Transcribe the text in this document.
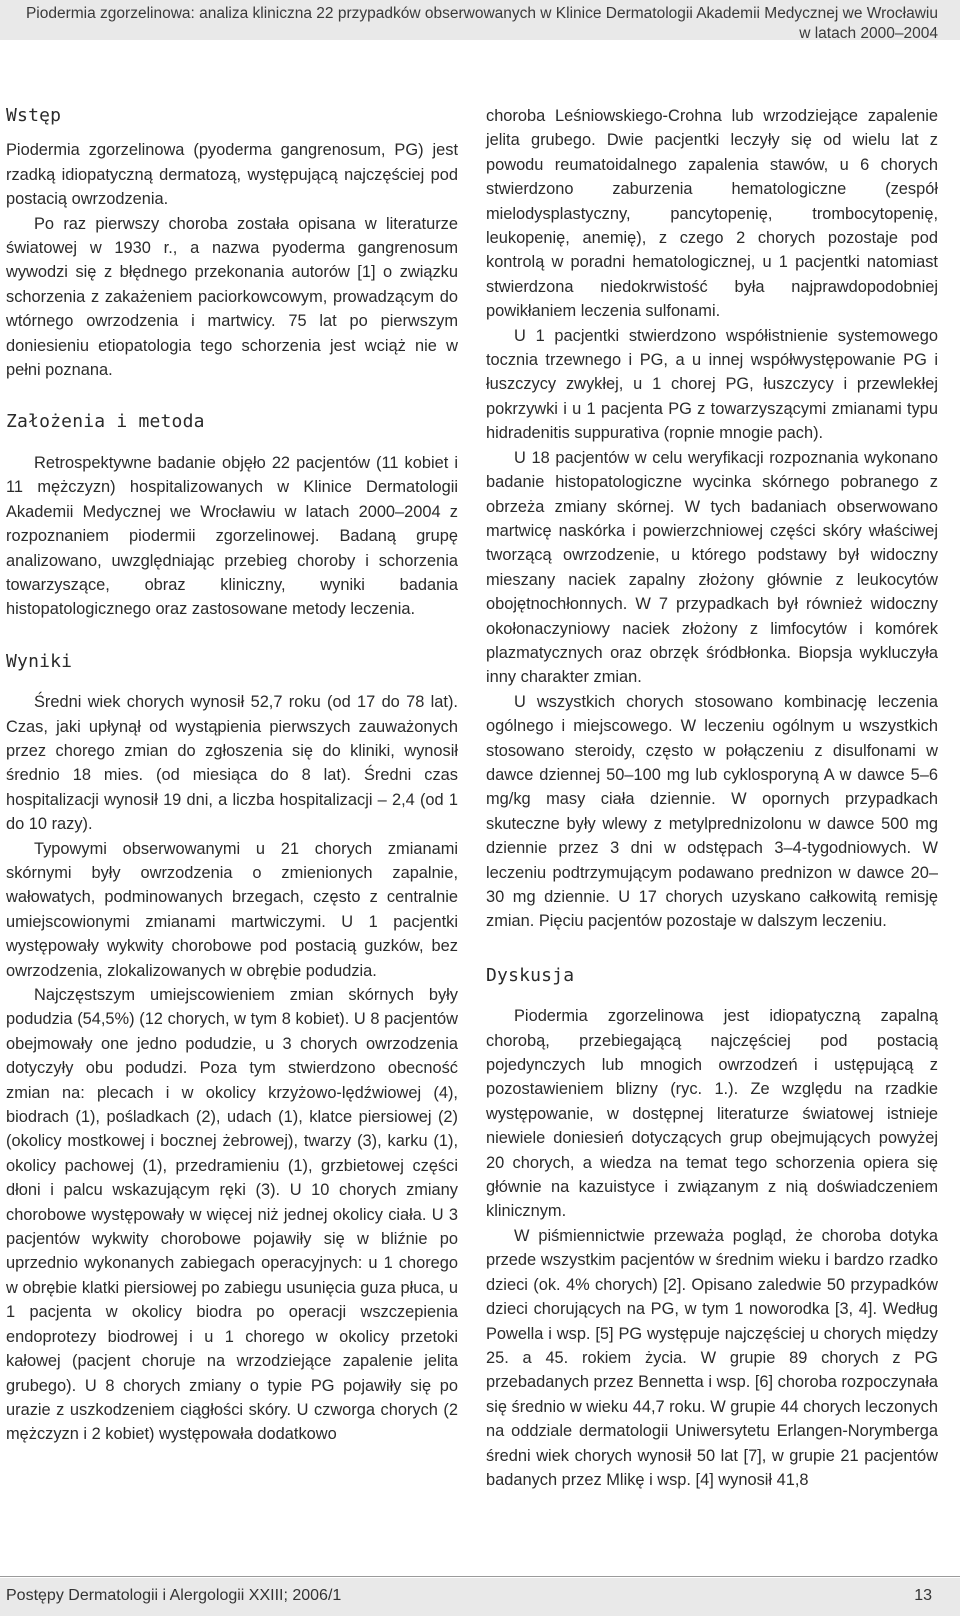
Piodermia zgorzelinowa: analiza kliniczna 22 przypadków obserwowanych w Klinice Dermatologii Akademii Medycznej we Wrocławiu w latach 2000–2004

Wstęp

Piodermia zgorzelinowa (pyoderma gangrenosum, PG) jest rzadką idiopatyczną dermatozą, występującą najczęściej pod postacią owrzodzenia.

Po raz pierwszy choroba została opisana w literaturze światowej w 1930 r., a nazwa pyoderma gangrenosum wywodzi się z błędnego przekonania autorów [1] o związku schorzenia z zakażeniem paciorkowcowym, prowadzącym do wtórnego owrzodzenia i martwicy. 75 lat po pierwszym doniesieniu etiopatologia tego schorzenia jest wciąż nie w pełni poznana.

Założenia i metoda

Retrospektywne badanie objęło 22 pacjentów (11 kobiet i 11 mężczyzn) hospitalizowanych w Klinice Dermatologii Akademii Medycznej we Wrocławiu w latach 2000–2004 z rozpoznaniem piodermii zgorzelinowej. Badaną grupę analizowano, uwzględniając przebieg choroby i schorzenia towarzyszące, obraz kliniczny, wyniki badania histopatologicznego oraz zastosowane metody leczenia.

Wyniki

Średni wiek chorych wynosił 52,7 roku (od 17 do 78 lat). Czas, jaki upłynął od wystąpienia pierwszych zauważonych przez chorego zmian do zgłoszenia się do kliniki, wynosił średnio 18 mies. (od miesiąca do 8 lat). Średni czas hospitalizacji wynosił 19 dni, a liczba hospitalizacji – 2,4 (od 1 do 10 razy).

Typowymi obserwowanymi u 21 chorych zmianami skórnymi były owrzodzenia o zmienionych zapalnie, wałowatych, podminowanych brzegach, często z centralnie umiejscowionymi zmianami martwiczymi. U 1 pacjentki występowały wykwity chorobowe pod postacią guzków, bez owrzodzenia, zlokalizowanych w obrębie podudzia.

Najczęstszym umiejscowieniem zmian skórnych były podudzia (54,5%) (12 chorych, w tym 8 kobiet). U 8 pacjentów obejmowały one jedno podudzie, u 3 chorych owrzodzenia dotyczyły obu podudzi. Poza tym stwierdzono obecność zmian na: plecach i w okolicy krzyżowo-lędźwiowej (4), biodrach (1), pośladkach (2), udach (1), klatce piersiowej (2) (okolicy mostkowej i bocznej żebrowej), twarzy (3), karku (1), okolicy pachowej (1), przedramieniu (1), grzbietowej części dłoni i palcu wskazującym ręki (3). U 10 chorych zmiany chorobowe występowały w więcej niż jednej okolicy ciała. U 3 pacjentów wykwity chorobowe pojawiły się w bliźnie po uprzednio wykonanych zabiegach operacyjnych: u 1 chorego w obrębie klatki piersiowej po zabiegu usunięcia guza płuca, u 1 pacjenta w okolicy biodra po operacji wszczepienia endoprotezy biodrowej i u 1 chorego w okolicy przetoki kałowej (pacjent choruje na wrzodziejące zapalenie jelita grubego). U 8 chorych zmiany o typie PG pojawiły się po urazie z uszkodzeniem ciągłości skóry. U czworga chorych (2 mężczyzn i 2 kobiet) występowała dodatkowo

choroba Leśniowskiego-Crohna lub wrzodziejące zapalenie jelita grubego. Dwie pacjentki leczyły się od wielu lat z powodu reumatoidalnego zapalenia stawów, u 6 chorych stwierdzono zaburzenia hematologiczne (zespół mielodysplastyczny, pancytopenię, trombocytopenię, leukopenię, anemię), z czego 2 chorych pozostaje pod kontrolą w poradni hematologicznej, u 1 pacjentki natomiast stwierdzona niedokrwistość była najprawdopodobniej powikłaniem leczenia sulfonami.

U 1 pacjentki stwierdzono współistnienie systemowego tocznia trzewnego i PG, a u innej współwystępowanie PG i łuszczycy zwykłej, u 1 chorej PG, łuszczycy i przewlekłej pokrzywki i u 1 pacjenta PG z towarzyszącymi zmianami typu hidradenitis suppurativa (ropnie mnogie pach).

U 18 pacjentów w celu weryfikacji rozpoznania wykonano badanie histopatologiczne wycinka skórnego pobranego z obrzeża zmiany skórnej. W tych badaniach obserwowano martwicę naskórka i powierzchniowej części skóry właściwej tworzącą owrzodzenie, u którego podstawy był widoczny mieszany naciek zapalny złożony głównie z leukocytów obojętnochłonnych. W 7 przypadkach był również widoczny okołonaczyniowy naciek złożony z limfocytów i komórek plazmatycznych oraz obrzęk śródbłonka. Biopsja wykluczyła inny charakter zmian.

U wszystkich chorych stosowano kombinację leczenia ogólnego i miejscowego. W leczeniu ogólnym u wszystkich stosowano steroidy, często w połączeniu z disulfonami w dawce dziennej 50–100 mg lub cyklosporyną A w dawce 5–6 mg/kg masy ciała dziennie. W opornych przypadkach skuteczne były wlewy z metylprednizolonu w dawce 500 mg dziennie przez 3 dni w odstępach 3–4-tygodniowych. W leczeniu podtrzymującym podawano prednizon w dawce 20–30 mg dziennie. U 17 chorych uzyskano całkowitą remisję zmian. Pięciu pacjentów pozostaje w dalszym leczeniu.

Dyskusja

Piodermia zgorzelinowa jest idiopatyczną zapalną chorobą, przebiegającą najczęściej pod postacią pojedynczych lub mnogich owrzodzeń i ustępującą z pozostawieniem blizny (ryc. 1.). Ze względu na rzadkie występowanie, w dostępnej literaturze światowej istnieje niewiele doniesień dotyczących grup obejmujących powyżej 20 chorych, a wiedza na temat tego schorzenia opiera się głównie na kazuistyce i związanym z nią doświadczeniem klinicznym.

W piśmiennictwie przeważa pogląd, że choroba dotyka przede wszystkim pacjentów w średnim wieku i bardzo rzadko dzieci (ok. 4% chorych) [2]. Opisano zaledwie 50 przypadków dzieci chorujących na PG, w tym 1 noworodka [3, 4]. Według Powella i wsp. [5] PG występuje najczęściej u chorych między 25. a 45. rokiem życia. W grupie 89 chorych z PG przebadanych przez Bennetta i wsp. [6] choroba rozpoczynała się średnio w wieku 44,7 roku. W grupie 44 chorych leczonych na oddziale dermatologii Uniwersytetu Erlangen-Norymberga średni wiek chorych wynosił 50 lat [7], w grupie 21 pacjentów badanych przez Mlikę i wsp. [4] wynosił 41,8

Postępy Dermatologii i Alergologii XXIII; 2006/1	13
